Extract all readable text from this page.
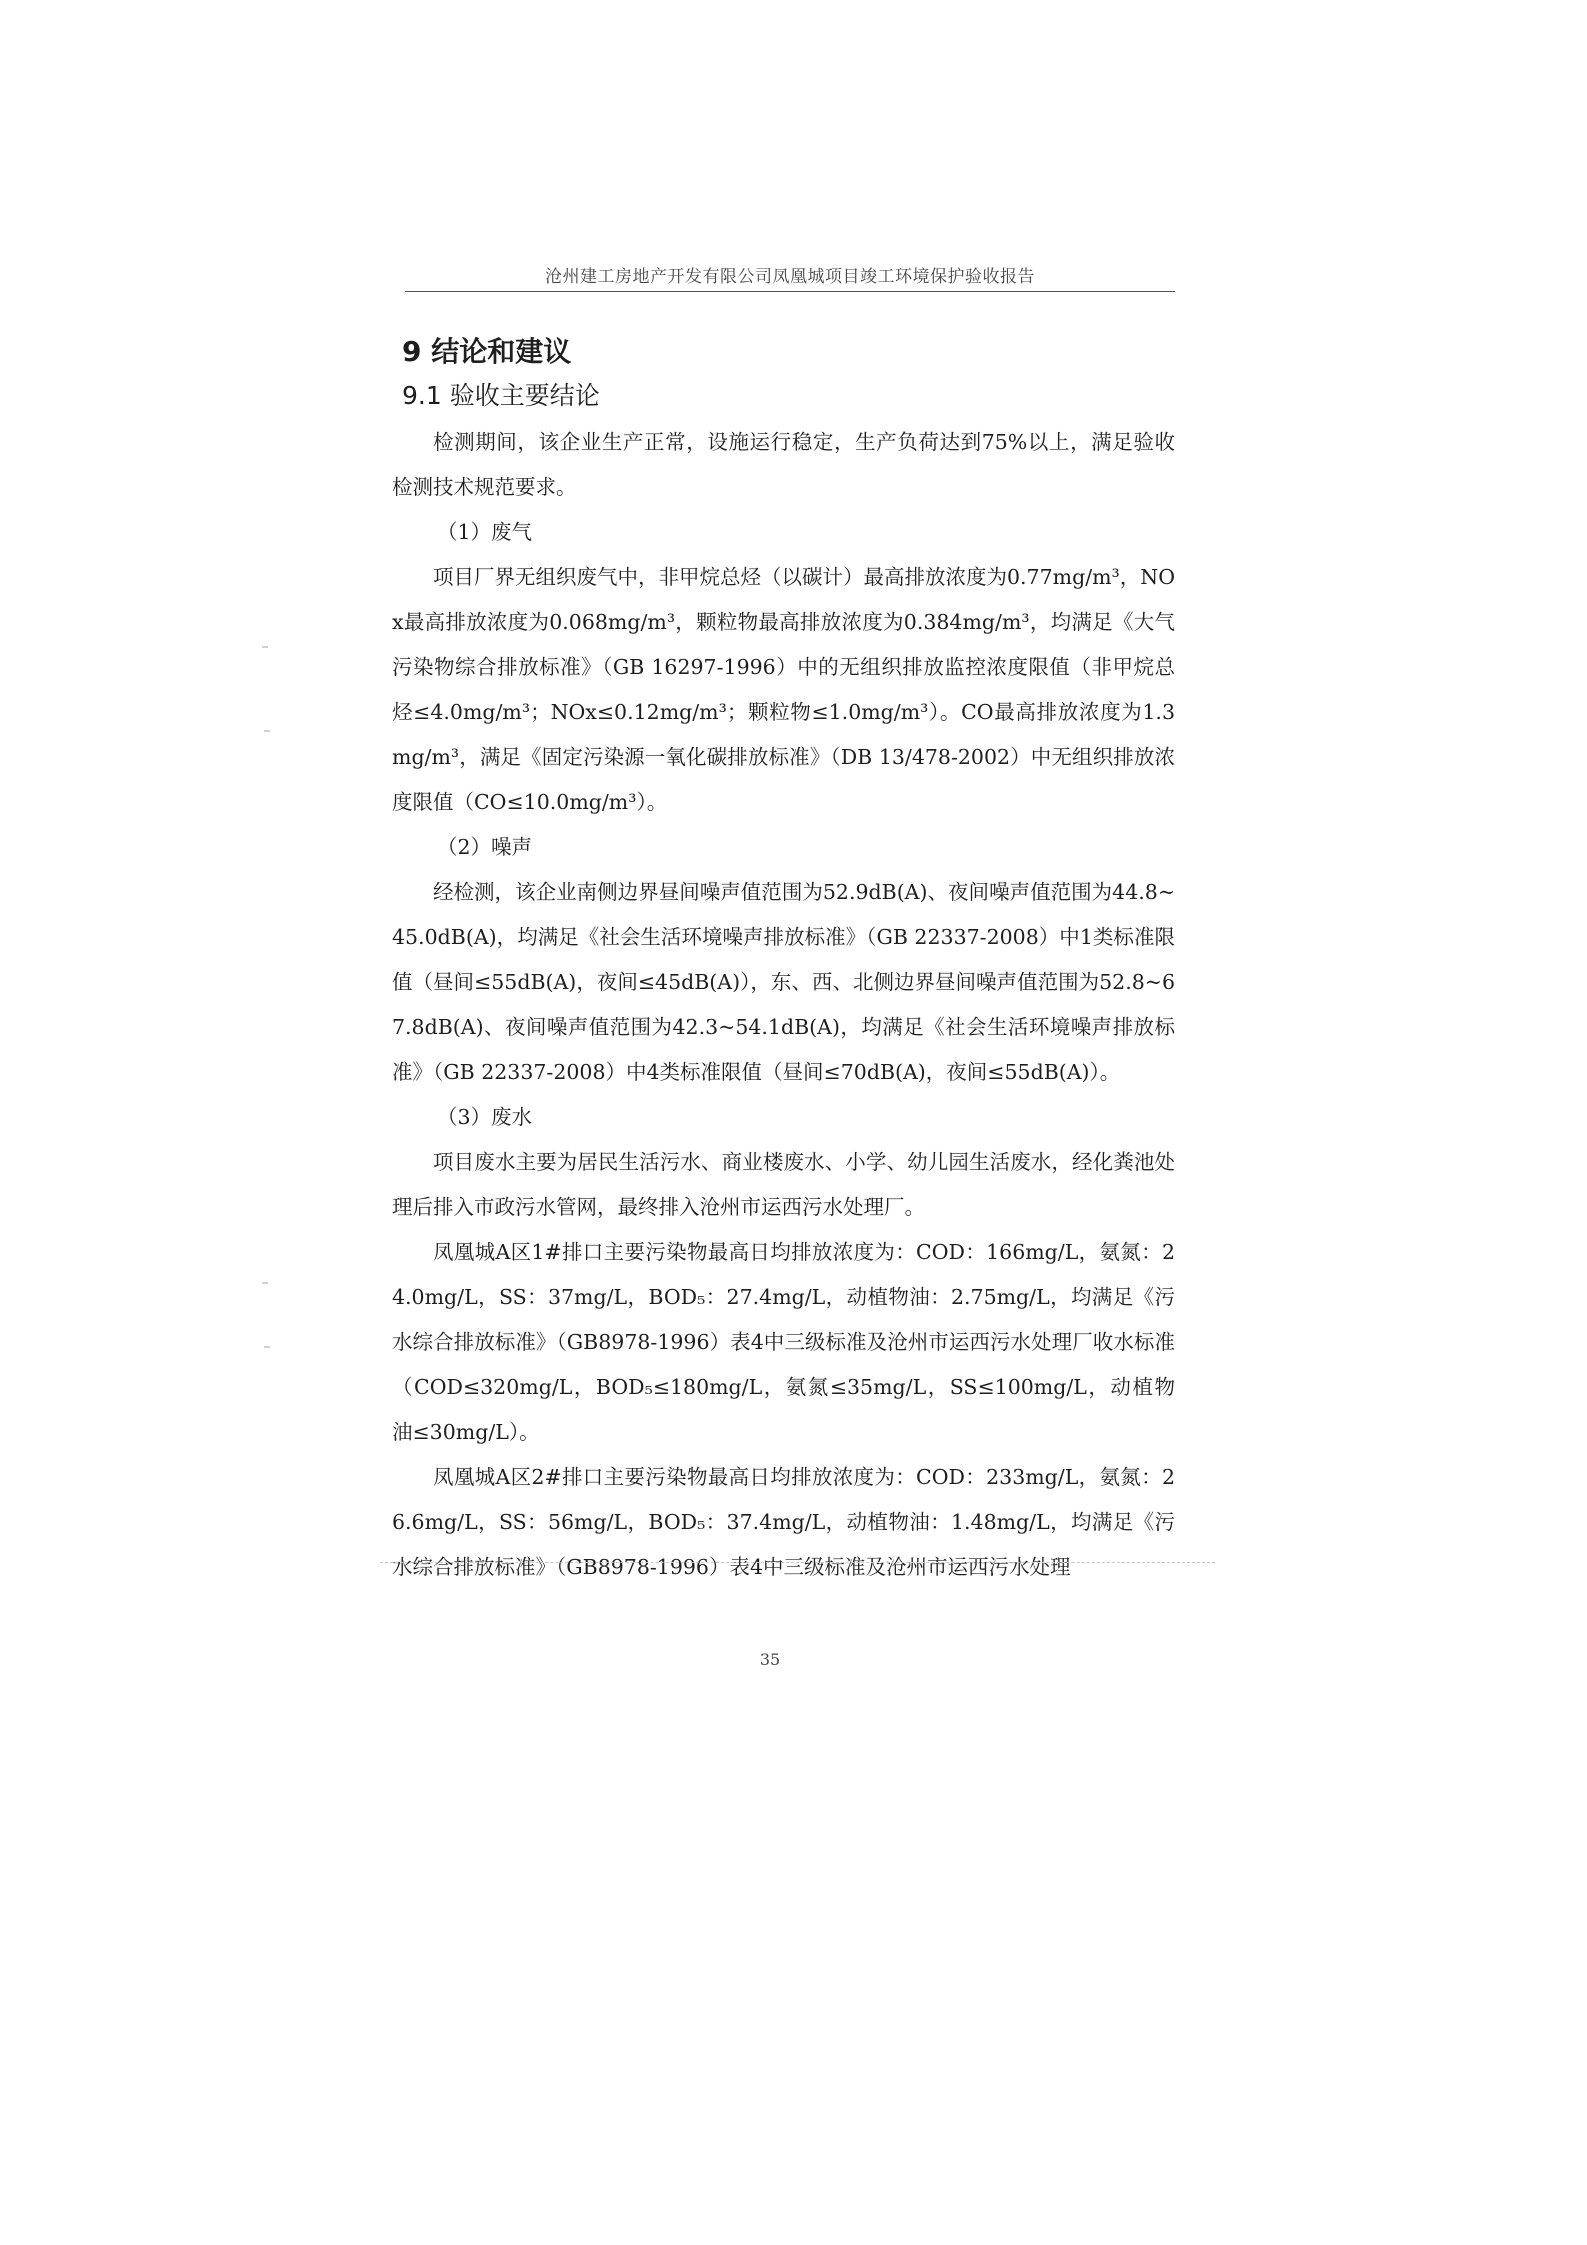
沧州建工房地产开发有限公司凤凰城项目竣工环境保护验收报告
9 结论和建议
9.1 验收主要结论

检测期间，该企业生产正常，设施运行稳定，生产负荷达到75%以上，满足验收检测技术规范要求。

（1）废气

项目厂界无组织废气中，非甲烷总烃（以碳计）最高排放浓度为0.77mg/m³，NOx最高排放浓度为0.068mg/m³，颗粒物最高排放浓度为0.384mg/m³，均满足《大气污染物综合排放标准》（GB 16297-1996）中的无组织排放监控浓度限值（非甲烷总烃≤4.0mg/m³；NOx≤0.12mg/m³；颗粒物≤1.0mg/m³）。CO最高排放浓度为1.3mg/m³，满足《固定污染源一氧化碳排放标准》（DB 13/478-2002）中无组织排放浓度限值（CO≤10.0mg/m³）。

（2）噪声

经检测，该企业南侧边界昼间噪声值范围为52.9dB(A)、夜间噪声值范围为44.8~45.0dB(A)，均满足《社会生活环境噪声排放标准》（GB 22337-2008）中1类标准限值（昼间≤55dB(A)，夜间≤45dB(A)），东、西、北侧边界昼间噪声值范围为52.8~67.8dB(A)、夜间噪声值范围为42.3~54.1dB(A)，均满足《社会生活环境噪声排放标准》（GB 22337-2008）中4类标准限值（昼间≤70dB(A)，夜间≤55dB(A)）。

（3）废水

项目废水主要为居民生活污水、商业楼废水、小学、幼儿园生活废水，经化粪池处理后排入市政污水管网，最终排入沧州市运西污水处理厂。

凤凰城A区1#排口主要污染物最高日均排放浓度为：COD：166mg/L，氨氮：24.0mg/L，SS：37mg/L，BOD₅：27.4mg/L，动植物油：2.75mg/L，均满足《污水综合排放标准》（GB8978-1996）表4中三级标准及沧州市运西污水处理厂收水标准（COD≤320mg/L，BOD₅≤180mg/L，氨氮≤35mg/L，SS≤100mg/L，动植物油≤30mg/L）。

凤凰城A区2#排口主要污染物最高日均排放浓度为：COD：233mg/L，氨氮：26.6mg/L，SS：56mg/L，BOD₅：37.4mg/L，动植物油：1.48mg/L，均满足《污水综合排放标准》（GB8978-1996）表4中三级标准及沧州市运西污水处理

35
